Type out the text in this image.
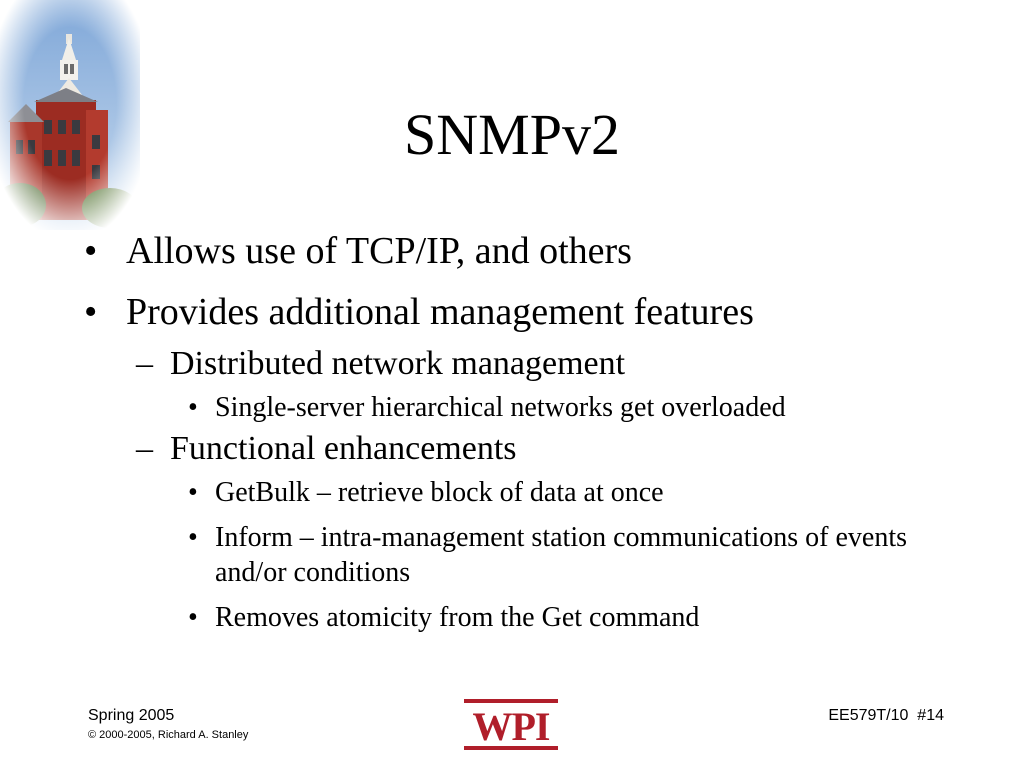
SNMPv2
• Allows use of TCP/IP, and others
• Provides additional management features
– Distributed network management
• Single-server hierarchical networks get overloaded
– Functional enhancements
• GetBulk – retrieve block of data at once
• Inform – intra-management station communications of events and/or conditions
• Removes atomicity from the Get command
Spring 2005
© 2000-2005, Richard A. Stanley	WPI	EE579T/10  #14
